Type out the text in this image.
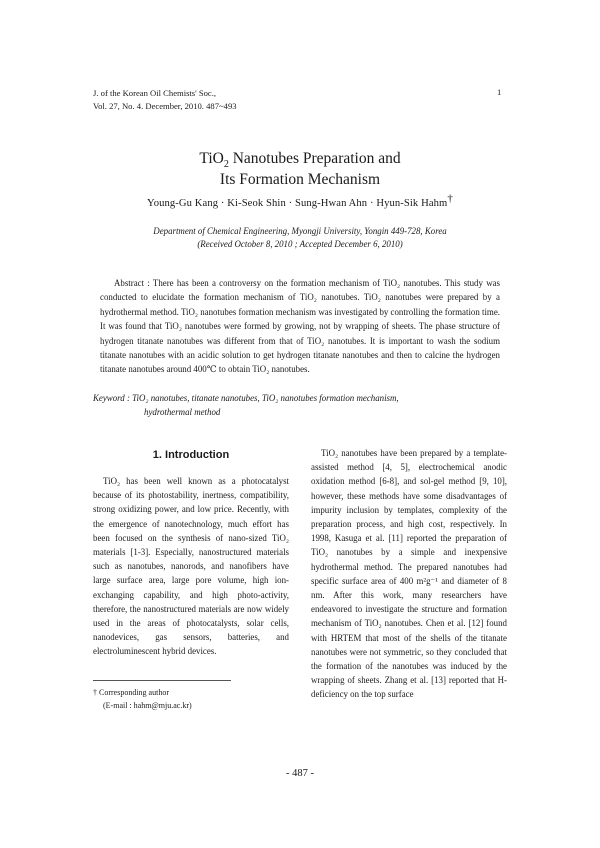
J. of the Korean Oil Chemists' Soc.,
Vol. 27, No. 4. December, 2010. 487~493
1
TiO$_2$ Nanotubes Preparation and
Its Formation Mechanism
Young-Gu Kang · Ki-Seok Shin · Sung-Hwan Ahn · Hyun-Sik Hahm†
Department of Chemical Engineering, Myongji University, Yongin 449-728, Korea
(Received October 8, 2010 ; Accepted December 6, 2010)
Abstract : There has been a controversy on the formation mechanism of TiO₂ nanotubes. This study was conducted to elucidate the formation mechanism of TiO₂ nanotubes. TiO₂ nanotubes were prepared by a hydrothermal method. TiO₂ nanotubes formation mechanism was investigated by controlling the formation time. It was found that TiO₂ nanotubes were formed by growing, not by wrapping of sheets. The phase structure of hydrogen titanate nanotubes was different from that of TiO₂ nanotubes. It is important to wash the sodium titanate nanotubes with an acidic solution to get hydrogen titanate nanotubes and then to calcine the hydrogen titanate nanotubes around 400℃ to obtain TiO₂ nanotubes.
Keyword : TiO₂ nanotubes, titanate nanotubes, TiO₂ nanotubes formation mechanism,
hydrothermal method
1. Introduction
TiO₂ has been well known as a photocatalyst because of its photostability, inertness, compatibility, strong oxidizing power, and low price. Recently, with the emergence of nanotechnology, much effort has been focused on the synthesis of nano-sized TiO₂ materials [1-3]. Especially, nanostructured materials such as nanotubes, nanorods, and nanofibers have large surface area, large pore volume, high ion-exchanging capability, and high photo-activity, therefore, the nanostructured materials are now widely used in the areas of photocatalysts, solar cells, nanodevices, gas sensors, batteries, and electroluminescent hybrid devices.
TiO₂ nanotubes have been prepared by a template-assisted method [4, 5], electrochemical anodic oxidation method [6-8], and sol-gel method [9, 10], however, these methods have some disadvantages of impurity inclusion by templates, complexity of the preparation process, and high cost, respectively. In 1998, Kasuga et al. [11] reported the preparation of TiO₂ nanotubes by a simple and inexpensive hydrothermal method. The prepared nanotubes had specific surface area of 400 m²g⁻¹ and diameter of 8 nm. After this work, many researchers have endeavored to investigate the structure and formation mechanism of TiO₂ nanotubes. Chen et al. [12] found with HRTEM that most of the shells of the titanate nanotubes were not symmetric, so they concluded that the formation of the nanotubes was induced by the wrapping of sheets. Zhang et al. [13] reported that H-deficiency on the top surface
† Corresponding author
(E-mail : hahm@mju.ac.kr)
- 487 -
